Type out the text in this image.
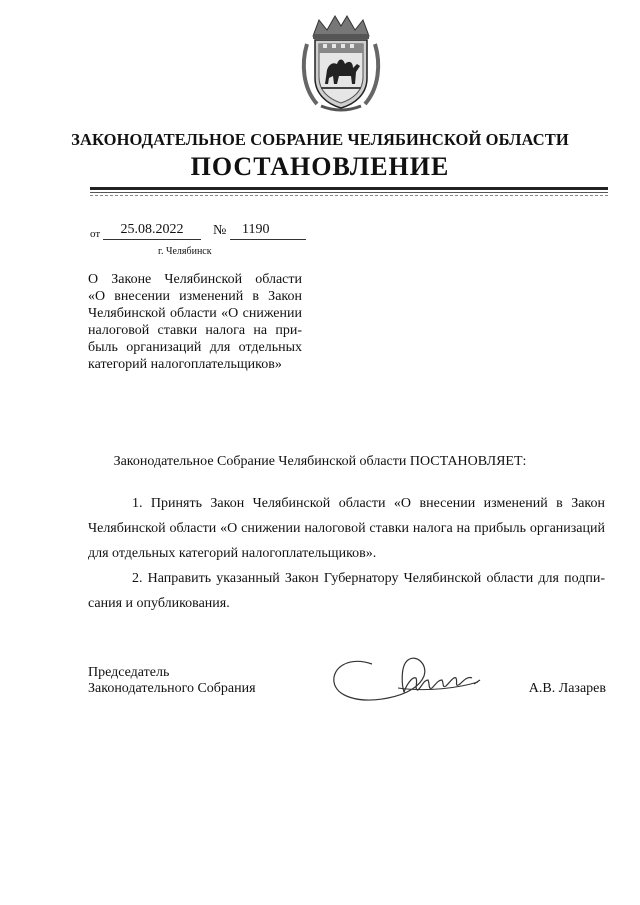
ЗАКОНОДАТЕЛЬНОЕ СОБРАНИЕ ЧЕЛЯБИНСКОЙ ОБЛАСТИ
ПОСТАНОВЛЕНИЕ
от	25.08.2022	№	1190
г. Челябинск
О Законе Челябинской области
«О внесении изменений в Закон
Челябинской области «О снижении
налоговой ставки налога на при-
быль организаций для отдельных
категорий налогоплательщиков»
Законодательное Собрание Челябинской области ПОСТАНОВЛЯЕТ:
1. Принять Закон Челябинской области «О внесении изменений в Закон
Челябинской области «О снижении налоговой ставки налога на прибыль организаций
для отдельных категорий налогоплательщиков».
2. Направить указанный Закон Губернатору Челябинской области для подпи-
сания и опубликования.
Председатель
Законодательного Собрания	А.В. Лазарев
